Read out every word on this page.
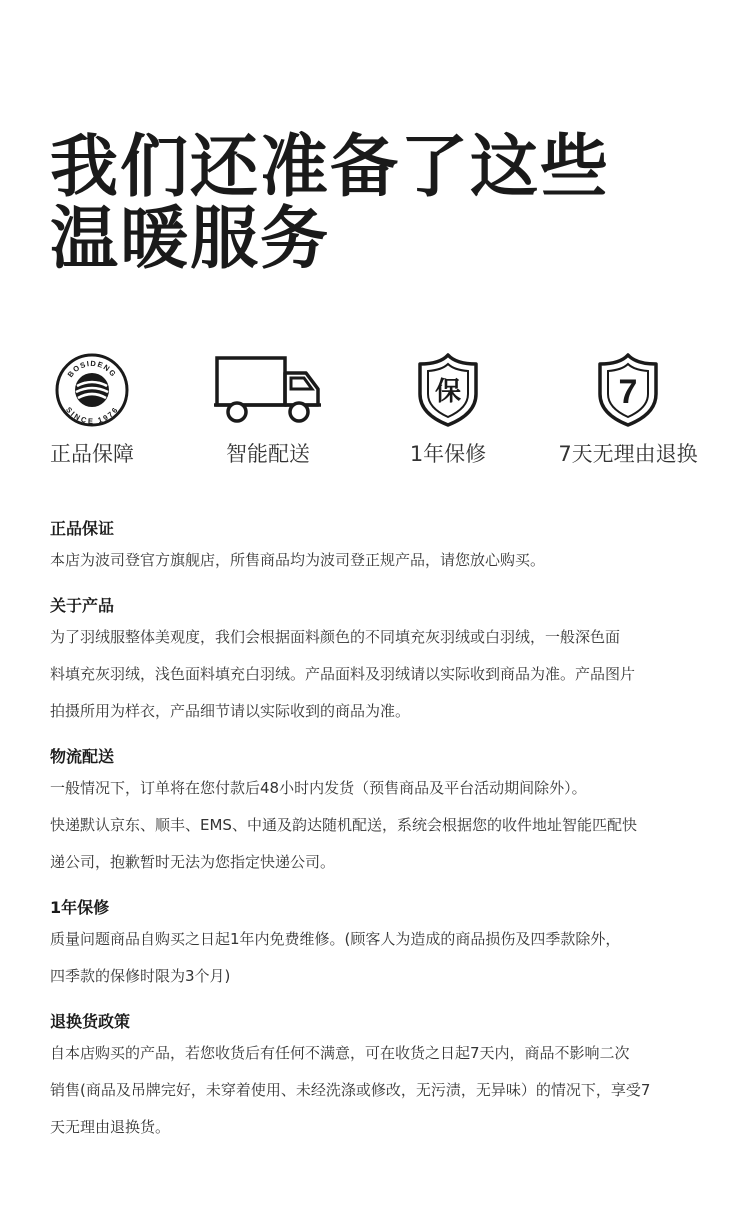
我们还准备了这些
温暖服务
BOSIDENG
SINCE 1976
正品保障	智能配送
保
1年保修
7
7天无理由退换
正品保证
本店为波司登官方旗舰店，所售商品均为波司登正规产品，请您放心购买。
关于产品
为了羽绒服整体美观度，我们会根据面料颜色的不同填充灰羽绒或白羽绒，一般深色面
料填充灰羽绒，浅色面料填充白羽绒。产品面料及羽绒请以实际收到商品为准。产品图片
拍摄所用为样衣，产品细节请以实际收到的商品为准。
物流配送
一般情况下，订单将在您付款后48小时内发货（预售商品及平台活动期间除外）。
快递默认京东、顺丰、EMS、中通及韵达随机配送，系统会根据您的收件地址智能匹配快
递公司，抱歉暂时无法为您指定快递公司。
1年保修
质量问题商品自购买之日起1年内免费维修。(顾客人为造成的商品损伤及四季款除外，
四季款的保修时限为3个月)
退换货政策
自本店购买的产品，若您收货后有任何不满意，可在收货之日起7天内，商品不影响二次
销售(商品及吊牌完好，未穿着使用、未经洗涤或修改，无污渍，无异味）的情况下，享受7
天无理由退换货。
